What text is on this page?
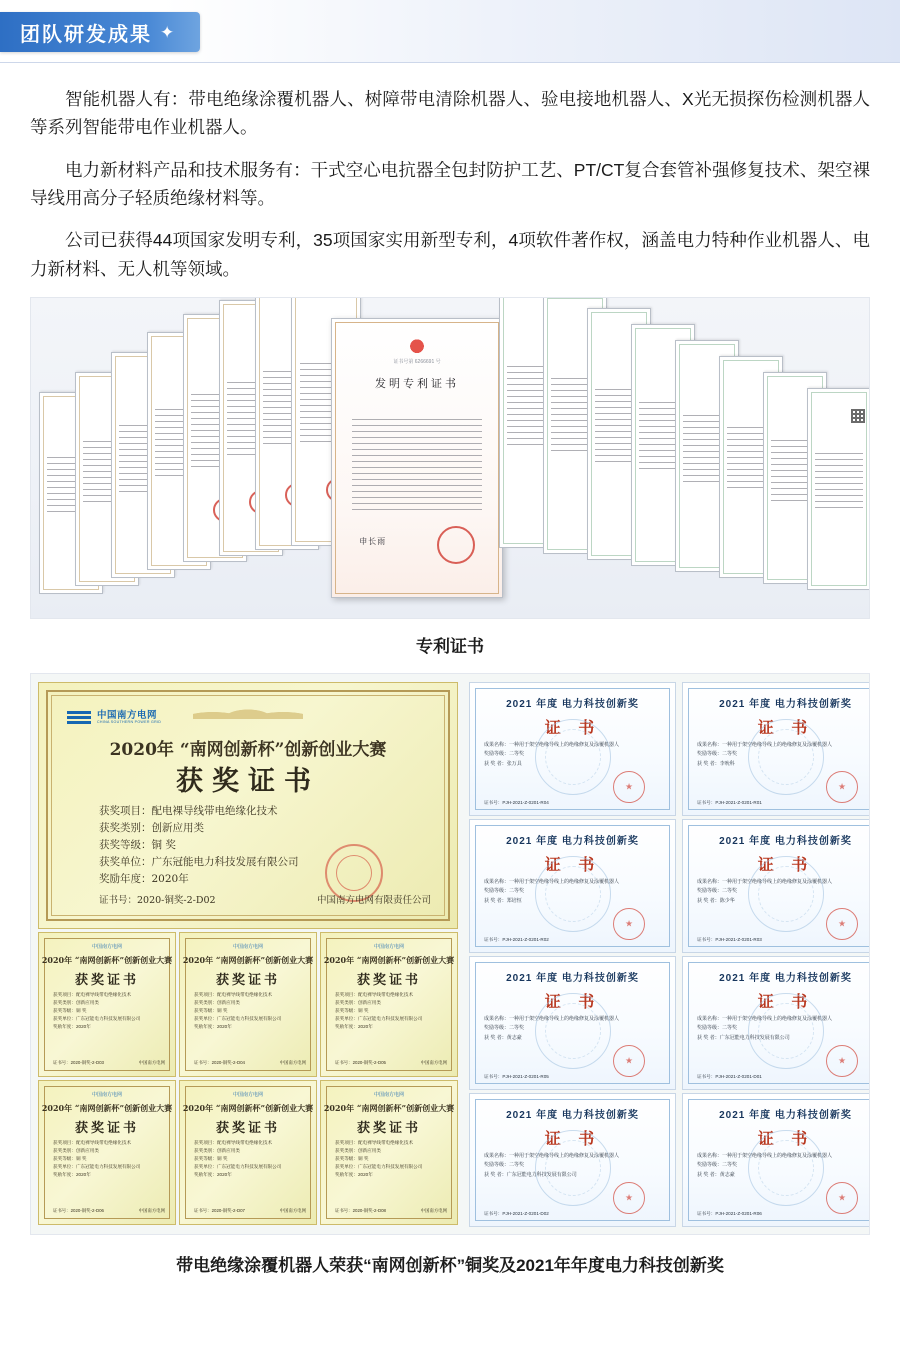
团队研发成果 ✦

智能机器人有：带电绝缘涂覆机器人、树障带电清除机器人、验电接地机器人、X光无损探伤检测机器人等系列智能带电作业机器人。

电力新材料产品和技术服务有：干式空心电抗器全包封防护工艺、PT/CT复合套管补强修复技术、架空裸导线用高分子轻质绝缘材料等。

公司已获得44项国家发明专利，35项国家实用新型专利，4项软件著作权，涵盖电力特种作业机器人、电力新材料、无人机等领域。

证书号第 6266691 号
发明专利证书
申长雨
专利证书
中国南方电网
CHINA SOUTHERN POWER GRID
2020年 “南网创新杯”创新创业大赛
获奖证书
获奖项目：配电裸导线带电绝缘化技术
获奖类别：创新应用类
获奖等级：铜 奖
获奖单位：广东冠能电力科技发展有限公司
奖励年度：2020年
证书号：2020-铜奖-2-D02	中国南方电网有限责任公司
中国南方电网
2020年 “南网创新杯”创新创业大赛
获奖证书
获奖项目：配电裸导线带电绝缘化技术
获奖类别：创新应用类
获奖等级：铜 奖
获奖单位：广东冠能电力科技发展有限公司
奖励年度：2020年
证书号：2020-铜奖-2-D03	中国南方电网
中国南方电网
2020年 “南网创新杯”创新创业大赛
获奖证书
获奖项目：配电裸导线带电绝缘化技术
获奖类别：创新应用类
获奖等级：铜 奖
获奖单位：广东冠能电力科技发展有限公司
奖励年度：2020年
证书号：2020-铜奖-2-D04	中国南方电网
中国南方电网
2020年 “南网创新杯”创新创业大赛
获奖证书
获奖项目：配电裸导线带电绝缘化技术
获奖类别：创新应用类
获奖等级：铜 奖
获奖单位：广东冠能电力科技发展有限公司
奖励年度：2020年
证书号：2020-铜奖-2-D05	中国南方电网
中国南方电网
2020年 “南网创新杯”创新创业大赛
获奖证书
获奖项目：配电裸导线带电绝缘化技术
获奖类别：创新应用类
获奖等级：铜 奖
获奖单位：广东冠能电力科技发展有限公司
奖励年度：2020年
证书号：2020-铜奖-2-D06	中国南方电网
中国南方电网
2020年 “南网创新杯”创新创业大赛
获奖证书
获奖项目：配电裸导线带电绝缘化技术
获奖类别：创新应用类
获奖等级：铜 奖
获奖单位：广东冠能电力科技发展有限公司
奖励年度：2020年
证书号：2020-铜奖-2-D07	中国南方电网
中国南方电网
2020年 “南网创新杯”创新创业大赛
获奖证书
获奖项目：配电裸导线带电绝缘化技术
获奖类别：创新应用类
获奖等级：铜 奖
获奖单位：广东冠能电力科技发展有限公司
奖励年度：2020年
证书号：2020-铜奖-2-D08	中国南方电网
2021 年度 电力科技创新奖
证 书
成果名称：一种用于架空绝缘导线上的绝缘修复及涂覆机器人
奖励等级：二等奖
获 奖 者：张万具
★
证书号：PJH-2021-Z-0201-R04
2021 年度 电力科技创新奖
证 书
成果名称：一种用于架空绝缘导线上的绝缘修复及涂覆机器人
奖励等级：二等奖
获 奖 者：李吮科
★
证书号：PJH-2021-Z-0201-R01
2021 年度 电力科技创新奖
证 书
成果名称：一种用于架空绝缘导线上的绝缘修复及涂覆机器人
奖励等级：二等奖
获 奖 者：郑培恒
★
证书号：PJH-2021-Z-0201-R02
2021 年度 电力科技创新奖
证 书
成果名称：一种用于架空绝缘导线上的绝缘修复及涂覆机器人
奖励等级：二等奖
获 奖 者：陈少华
★
证书号：PJH-2021-Z-0201-R03
2021 年度 电力科技创新奖
证 书
成果名称：一种用于架空绝缘导线上的绝缘修复及涂覆机器人
奖励等级：二等奖
获 奖 者：黄志豪
★
证书号：PJH-2021-Z-0201-R05
2021 年度 电力科技创新奖
证 书
成果名称：一种用于架空绝缘导线上的绝缘修复及涂覆机器人
奖励等级：二等奖
获 奖 者：广东冠能电力科技发展有限公司
★
证书号：PJH-2021-Z-0201-D01
2021 年度 电力科技创新奖
证 书
成果名称：一种用于架空绝缘导线上的绝缘修复及涂覆机器人
奖励等级：二等奖
获 奖 者：广东冠能电力科技发展有限公司
★
证书号：PJH-2021-Z-0201-D02
2021 年度 电力科技创新奖
证 书
成果名称：一种用于架空绝缘导线上的绝缘修复及涂覆机器人
奖励等级：二等奖
获 奖 者：黄志豪
★
证书号：PJH-2021-Z-0201-R06
带电绝缘涂覆机器人荣获“南网创新杯”铜奖及2021年年度电力科技创新奖
